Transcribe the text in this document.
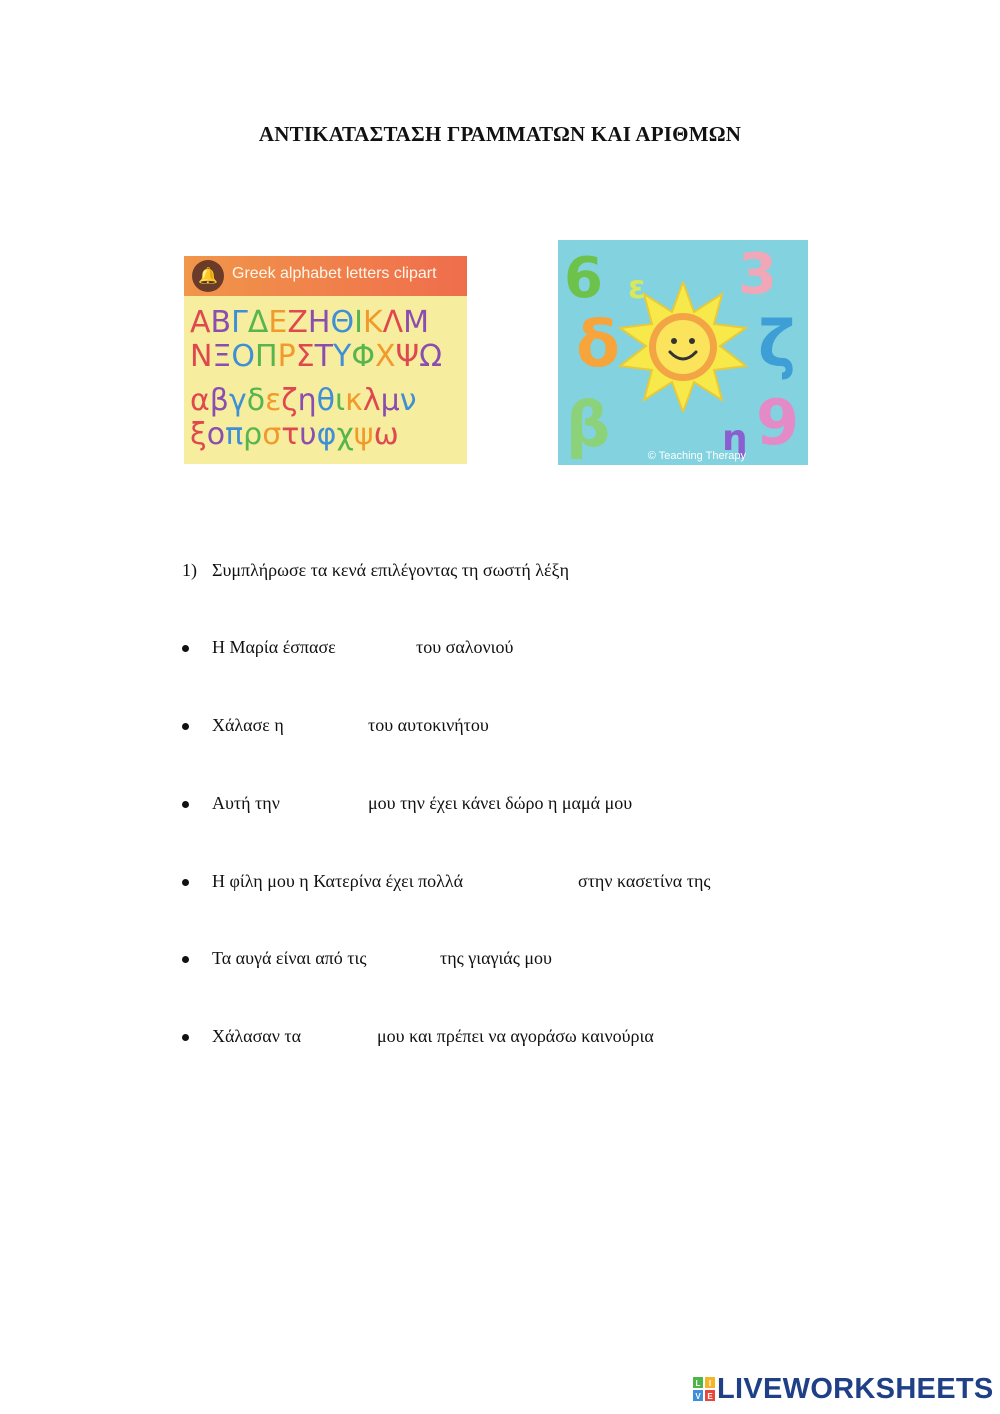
ΑΝΤΙΚΑΤΑΣΤΑΣΗ ΓΡΑΜΜΑΤΩΝ ΚΑΙ ΑΡΙΘΜΩΝ
🔔 Greek alphabet letters clipart
ΑΒΓΔΕΖΗΘΙΚΛΜ
ΝΞΟΠΡΣΤΥΦΧΨΩ
αβγδεζηθικλμν
ξοπρστυφχψω
6 ε 3
δ ζ
β 9
η
© Teaching Therapy
1) Συμπλήρωσε τα κενά επιλέγοντας τη σωστή λέξη
Η Μαρία έσπασε	του σαλονιού
Χάλασε η	του αυτοκινήτου
Αυτή την	μου την έχει κάνει δώρο η μαμά μου
Η φίλη μου η Κατερίνα έχει πολλά	στην κασετίνα της
Τα αυγά είναι από τις	της γιαγιάς μου
Χάλασαν τα	μου και πρέπει να αγοράσω καινούρια
L I
V E LIVEWORKSHEETS
